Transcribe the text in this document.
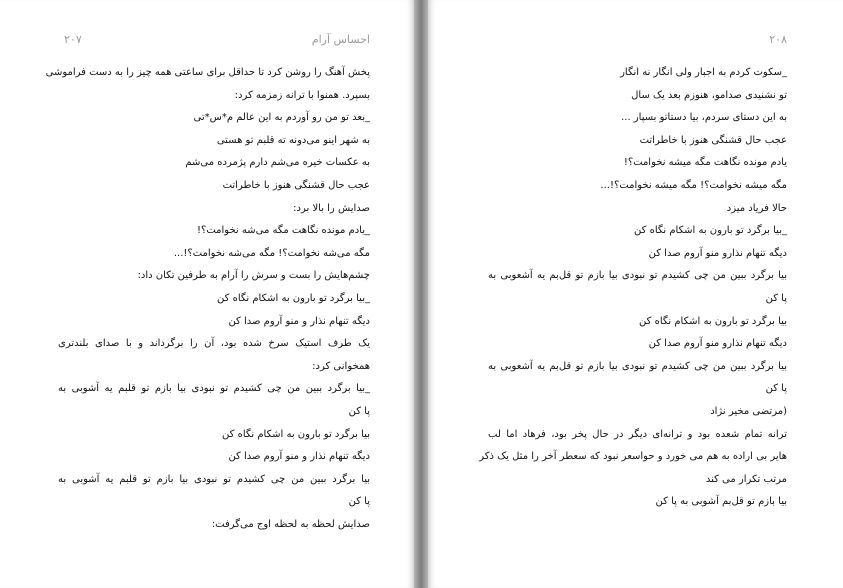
۲۰۷	احساس آرام

پخش آهنگ را روشن کرد تا حداقل برای ساعتی همه چیز را به دست فراموشی

بسپرد. همنوا با ترانه زمزمه کرد:

_بعد تو من رو آوردم به این عالم م*س*تی

به شهر اینو می‌دونه ته قلبم تو هستی

به عکسات خیره می‌شم دارم پژمرده می‌شم

عجب حال قشنگی هنوز با خاطراتت

صدایش را بالا برد:

_یادم مونده نگاهت مگه می‌شه نخوامت؟!

مگه می‌شه نخوامت؟! مگه می‌شه نخوامت؟!...

چشم‌هایش را بست و سرش را آرام به طرفین تکان داد:

_بیا برگرد تو بارون به اشکام نگاه کن

دیگه تنهام نذار و منو آروم صدا کن

یک طرف استیک سرخ شده بود، آن را برگرداند و با صدای بلندتری

همخوانی کرد:

_بیا برگرد ببین من چی کشیدم تو نبودی بیا بازم تو قلبم یه آشوبی به

پا کن

بیا برگرد تو بارون به اشکام نگاه کن

دیگه تنهام نذار و منو آروم صدا کن

بیا برگرد ببین من چی کشیدم تو نبودی بیا بازم تو قلبم یه آشوبی به

پا کن

صدایش لحظه به لحظه اوج می‌گرفت:

۲۰۸

_سکوت کردم به اجبار ولی انگار نه انگار

تو نشنیدی صدامو، هنوزم بعد یک سال

به این دستای سردم، بیا دستاتو بسپار ...

عجب حال قشنگی هنوز با خاطراتت

یادم مونده نگاهت مگه میشه نخوامت؟!

مگه میشه نخوامت؟! مگه میشه نخوامت؟!...

حالا فریاد میزد

_بیا برگرد تو بارون به اشکام نگاه کن

دیگه تنهام نذارو منو آروم صدا کن

بیا برگرد ببین من چی کشیدم تو نبودی بیا بازم تو قل‌بم یه آشعوبی به

پا کن

بیا برگرد تو بارون به اشکام نگاه کن

دیگه تنهام نذارو منو آروم صدا کن

بیا برگرد ببین من چی کشیدم تو نبودی بیا بازم تو قل‌بم یه آشعوبی به

پا کن

(مرتضی مخیر نژاد

ترانه تمام شعده بود و ترانه‌ای دیگر در حال پخر بود، فرهاد اما لب

هایر بی اراده به هم می خورد و حواسعر نبود که سعطر آخر را مثل یک ذکر

مرتب تکرار می کند

بیا بازم تو قل‌بم آشوبی به پا کن
